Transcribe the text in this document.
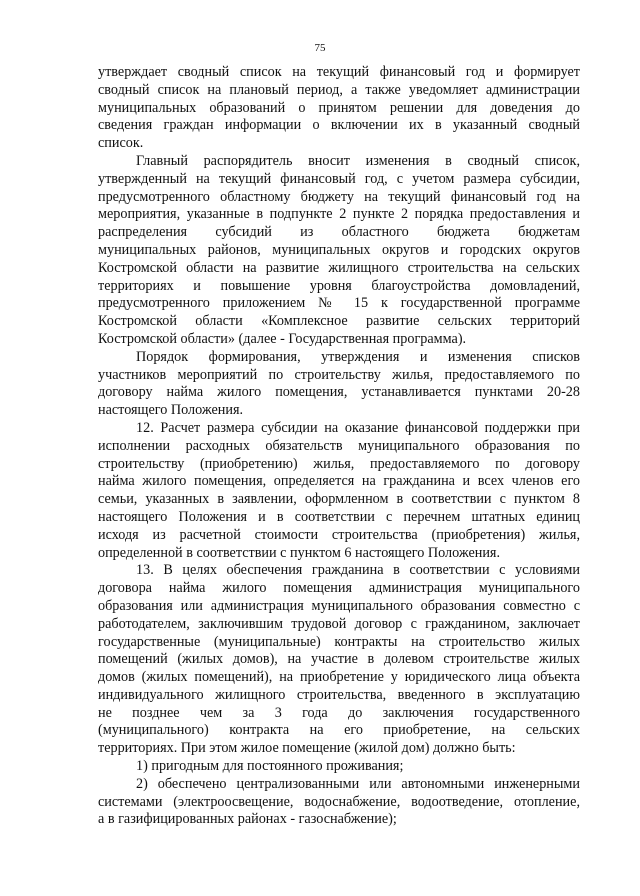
75
утверждает сводный список на текущий финансовый год и формирует
сводный список на плановый период, а также уведомляет администрации
муниципальных образований о принятом решении для доведения до
сведения граждан информации о включении их в указанный сводный
список.
Главный распорядитель вносит изменения в сводный список,
утвержденный на текущий финансовый год, с учетом размера субсидии,
предусмотренного областному бюджету на текущий финансовый год на
мероприятия, указанные в подпункте 2 пункте 2 порядка предоставления и
распределения субсидий из областного бюджета бюджетам
муниципальных районов, муниципальных округов и городских округов
Костромской области на развитие жилищного строительства на сельских
территориях и повышение уровня благоустройства домовладений,
предусмотренного приложением № 15 к государственной программе
Костромской области «Комплексное развитие сельских территорий
Костромской области» (далее - Государственная программа).
Порядок формирования, утверждения и изменения списков
участников мероприятий по строительству жилья, предоставляемого по
договору найма жилого помещения, устанавливается пунктами 20-28
настоящего Положения.
12. Расчет размера субсидии на оказание финансовой поддержки при
исполнении расходных обязательств муниципального образования по
строительству (приобретению) жилья, предоставляемого по договору
найма жилого помещения, определяется на гражданина и всех членов его
семьи, указанных в заявлении, оформленном в соответствии с пунктом 8
настоящего Положения и в соответствии с перечнем штатных единиц
исходя из расчетной стоимости строительства (приобретения) жилья,
определенной в соответствии с пунктом 6 настоящего Положения.
13. В целях обеспечения гражданина в соответствии с условиями
договора найма жилого помещения администрация муниципального
образования или администрация муниципального образования совместно с
работодателем, заключившим трудовой договор с гражданином, заключает
государственные (муниципальные) контракты на строительство жилых
помещений (жилых домов), на участие в долевом строительстве жилых
домов (жилых помещений), на приобретение у юридического лица объекта
индивидуального жилищного строительства, введенного в эксплуатацию
не позднее чем за 3 года до заключения государственного
(муниципального) контракта на его приобретение, на сельских
территориях. При этом жилое помещение (жилой дом) должно быть:
1) пригодным для постоянного проживания;
2) обеспечено централизованными или автономными инженерными
системами (электроосвещение, водоснабжение, водоотведение, отопление,
а в газифицированных районах - газоснабжение);
